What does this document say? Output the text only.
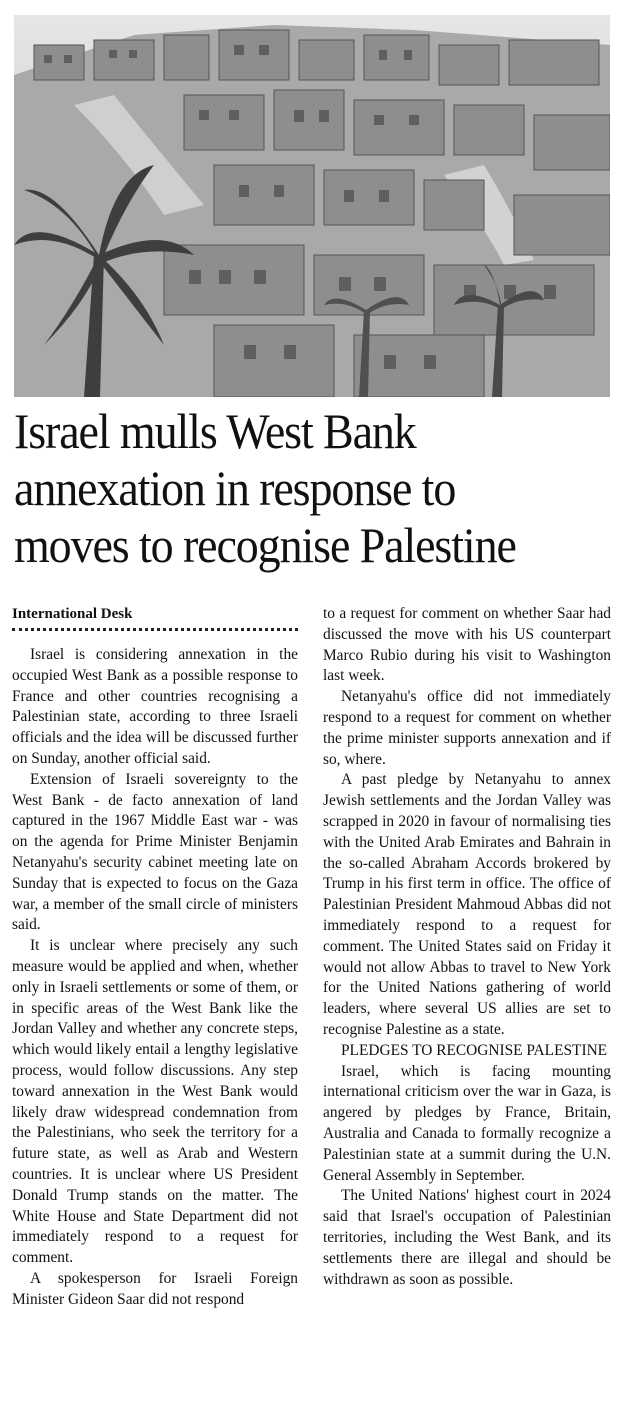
Israel mulls West Bank
annexation in response to
moves to recognise Palestine
International Desk

Israel is considering annexation in the occupied West Bank as a possible response to France and other countries recognising a Palestinian state, according to three Israeli officials and the idea will be discussed further on Sunday, another official said.

Extension of Israeli sovereignty to the West Bank - de facto annexation of land captured in the 1967 Middle East war - was on the agenda for Prime Minister Benjamin Netanyahu's security cabinet meeting late on Sunday that is expected to focus on the Gaza war, a member of the small circle of ministers said.

It is unclear where precisely any such measure would be applied and when, whether only in Israeli settlements or some of them, or in specific areas of the West Bank like the Jordan Valley and whether any concrete steps, which would likely entail a lengthy legislative process, would follow discussions. Any step toward annexation in the West Bank would likely draw widespread condemnation from the Palestinians, who seek the territory for a future state, as well as Arab and Western countries. It is unclear where US President Donald Trump stands on the matter. The White House and State Department did not immediately respond to a request for comment.

A spokesperson for Israeli Foreign Minister Gideon Saar did not respond

to a request for comment on whether Saar had discussed the move with his US counterpart Marco Rubio during his visit to Washington last week.

Netanyahu's office did not immediately respond to a request for comment on whether the prime minister supports annexation and if so, where.

A past pledge by Netanyahu to annex Jewish settlements and the Jordan Valley was scrapped in 2020 in favour of normalising ties with the United Arab Emirates and Bahrain in the so-called Abraham Accords brokered by Trump in his first term in office. The office of Palestinian President Mahmoud Abbas did not immediately respond to a request for comment. The United States said on Friday it would not allow Abbas to travel to New York for the United Nations gathering of world leaders, where several US allies are set to recognise Palestine as a state.

PLEDGES TO RECOGNISE PALESTINE

Israel, which is facing mounting international criticism over the war in Gaza, is angered by pledges by France, Britain, Australia and Canada to formally recognize a Palestinian state at a summit during the U.N. General Assembly in September.

The United Nations' highest court in 2024 said that Israel's occupation of Palestinian territories, including the West Bank, and its settlements there are illegal and should be withdrawn as soon as possible.
